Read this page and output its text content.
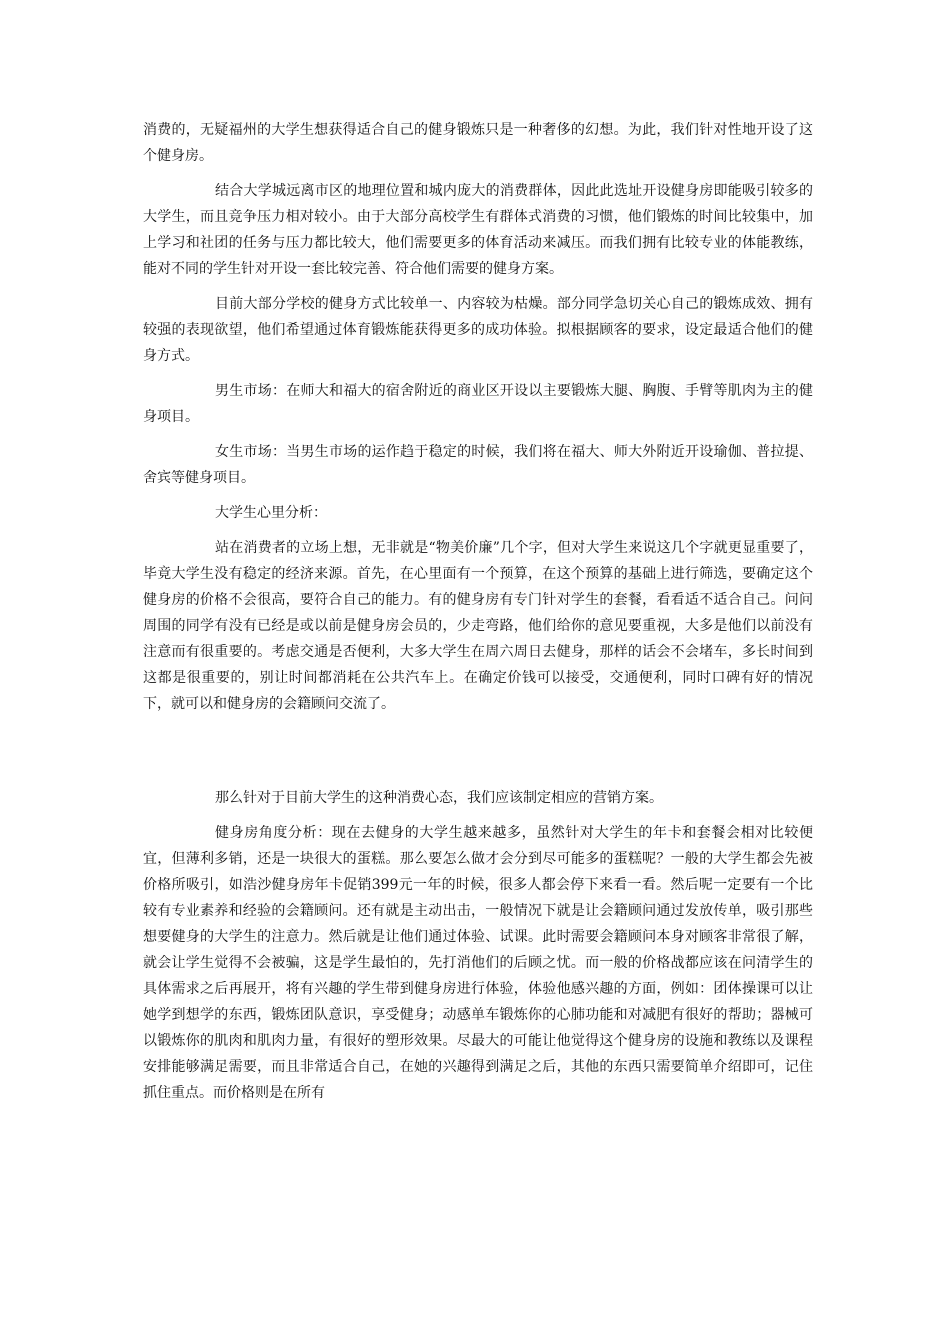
消费的，无疑福州的大学生想获得适合自己的健身锻炼只是一种奢侈的幻想。为此，我们针对性地开设了这个健身房。

结合大学城远离市区的地理位置和城内庞大的消费群体，因此此选址开设健身房即能吸引较多的大学生，而且竞争压力相对较小。由于大部分高校学生有群体式消费的习惯，他们锻炼的时间比较集中，加上学习和社团的任务与压力都比较大，他们需要更多的体育活动来减压。而我们拥有比较专业的体能教练，能对不同的学生针对开设一套比较完善、符合他们需要的健身方案。

目前大部分学校的健身方式比较单一、内容较为枯燥。部分同学急切关心自己的锻炼成效、拥有较强的表现欲望，他们希望通过体育锻炼能获得更多的成功体验。拟根据顾客的要求，设定最适合他们的健身方式。

男生市场：在师大和福大的宿舍附近的商业区开设以主要锻炼大腿、胸腹、手臂等肌肉为主的健身项目。

女生市场：当男生市场的运作趋于稳定的时候，我们将在福大、师大外附近开设瑜伽、普拉提、舍宾等健身项目。

大学生心里分析：

站在消费者的立场上想，无非就是“物美价廉”几个字，但对大学生来说这几个字就更显重要了，毕竟大学生没有稳定的经济来源。首先，在心里面有一个预算，在这个预算的基础上进行筛选，要确定这个健身房的价格不会很高，要符合自己的能力。有的健身房有专门针对学生的套餐，看看适不适合自己。问问周围的同学有没有已经是或以前是健身房会员的，少走弯路，他们给你的意见要重视，大多是他们以前没有注意而有很重要的。考虑交通是否便利，大多大学生在周六周日去健身，那样的话会不会堵车，多长时间到这都是很重要的，别让时间都消耗在公共汽车上。在确定价钱可以接受，交通便利，同时口碑有好的情况下，就可以和健身房的会籍顾问交流了。

那么针对于目前大学生的这种消费心态，我们应该制定相应的营销方案。

健身房角度分析：现在去健身的大学生越来越多，虽然针对大学生的年卡和套餐会相对比较便宜，但薄利多销，还是一块很大的蛋糕。那么要怎么做才会分到尽可能多的蛋糕呢？一般的大学生都会先被价格所吸引，如浩沙健身房年卡促销399元一年的时候，很多人都会停下来看一看。然后呢一定要有一个比较有专业素养和经验的会籍顾问。还有就是主动出击，一般情况下就是让会籍顾问通过发放传单，吸引那些想要健身的大学生的注意力。然后就是让他们通过体验、试课。此时需要会籍顾问本身对顾客非常很了解，就会让学生觉得不会被骗，这是学生最怕的，先打消他们的后顾之忧。而一般的价格战都应该在问清学生的具体需求之后再展开，将有兴趣的学生带到健身房进行体验，体验他感兴趣的方面，例如：团体操课可以让她学到想学的东西，锻炼团队意识，享受健身；动感单车锻炼你的心肺功能和对减肥有很好的帮助；器械可以锻炼你的肌肉和肌肉力量，有很好的塑形效果。尽最大的可能让他觉得这个健身房的设施和教练以及课程安排能够满足需要，而且非常适合自己，在她的兴趣得到满足之后，其他的东西只需要简单介绍即可，记住抓住重点。而价格则是在所有
